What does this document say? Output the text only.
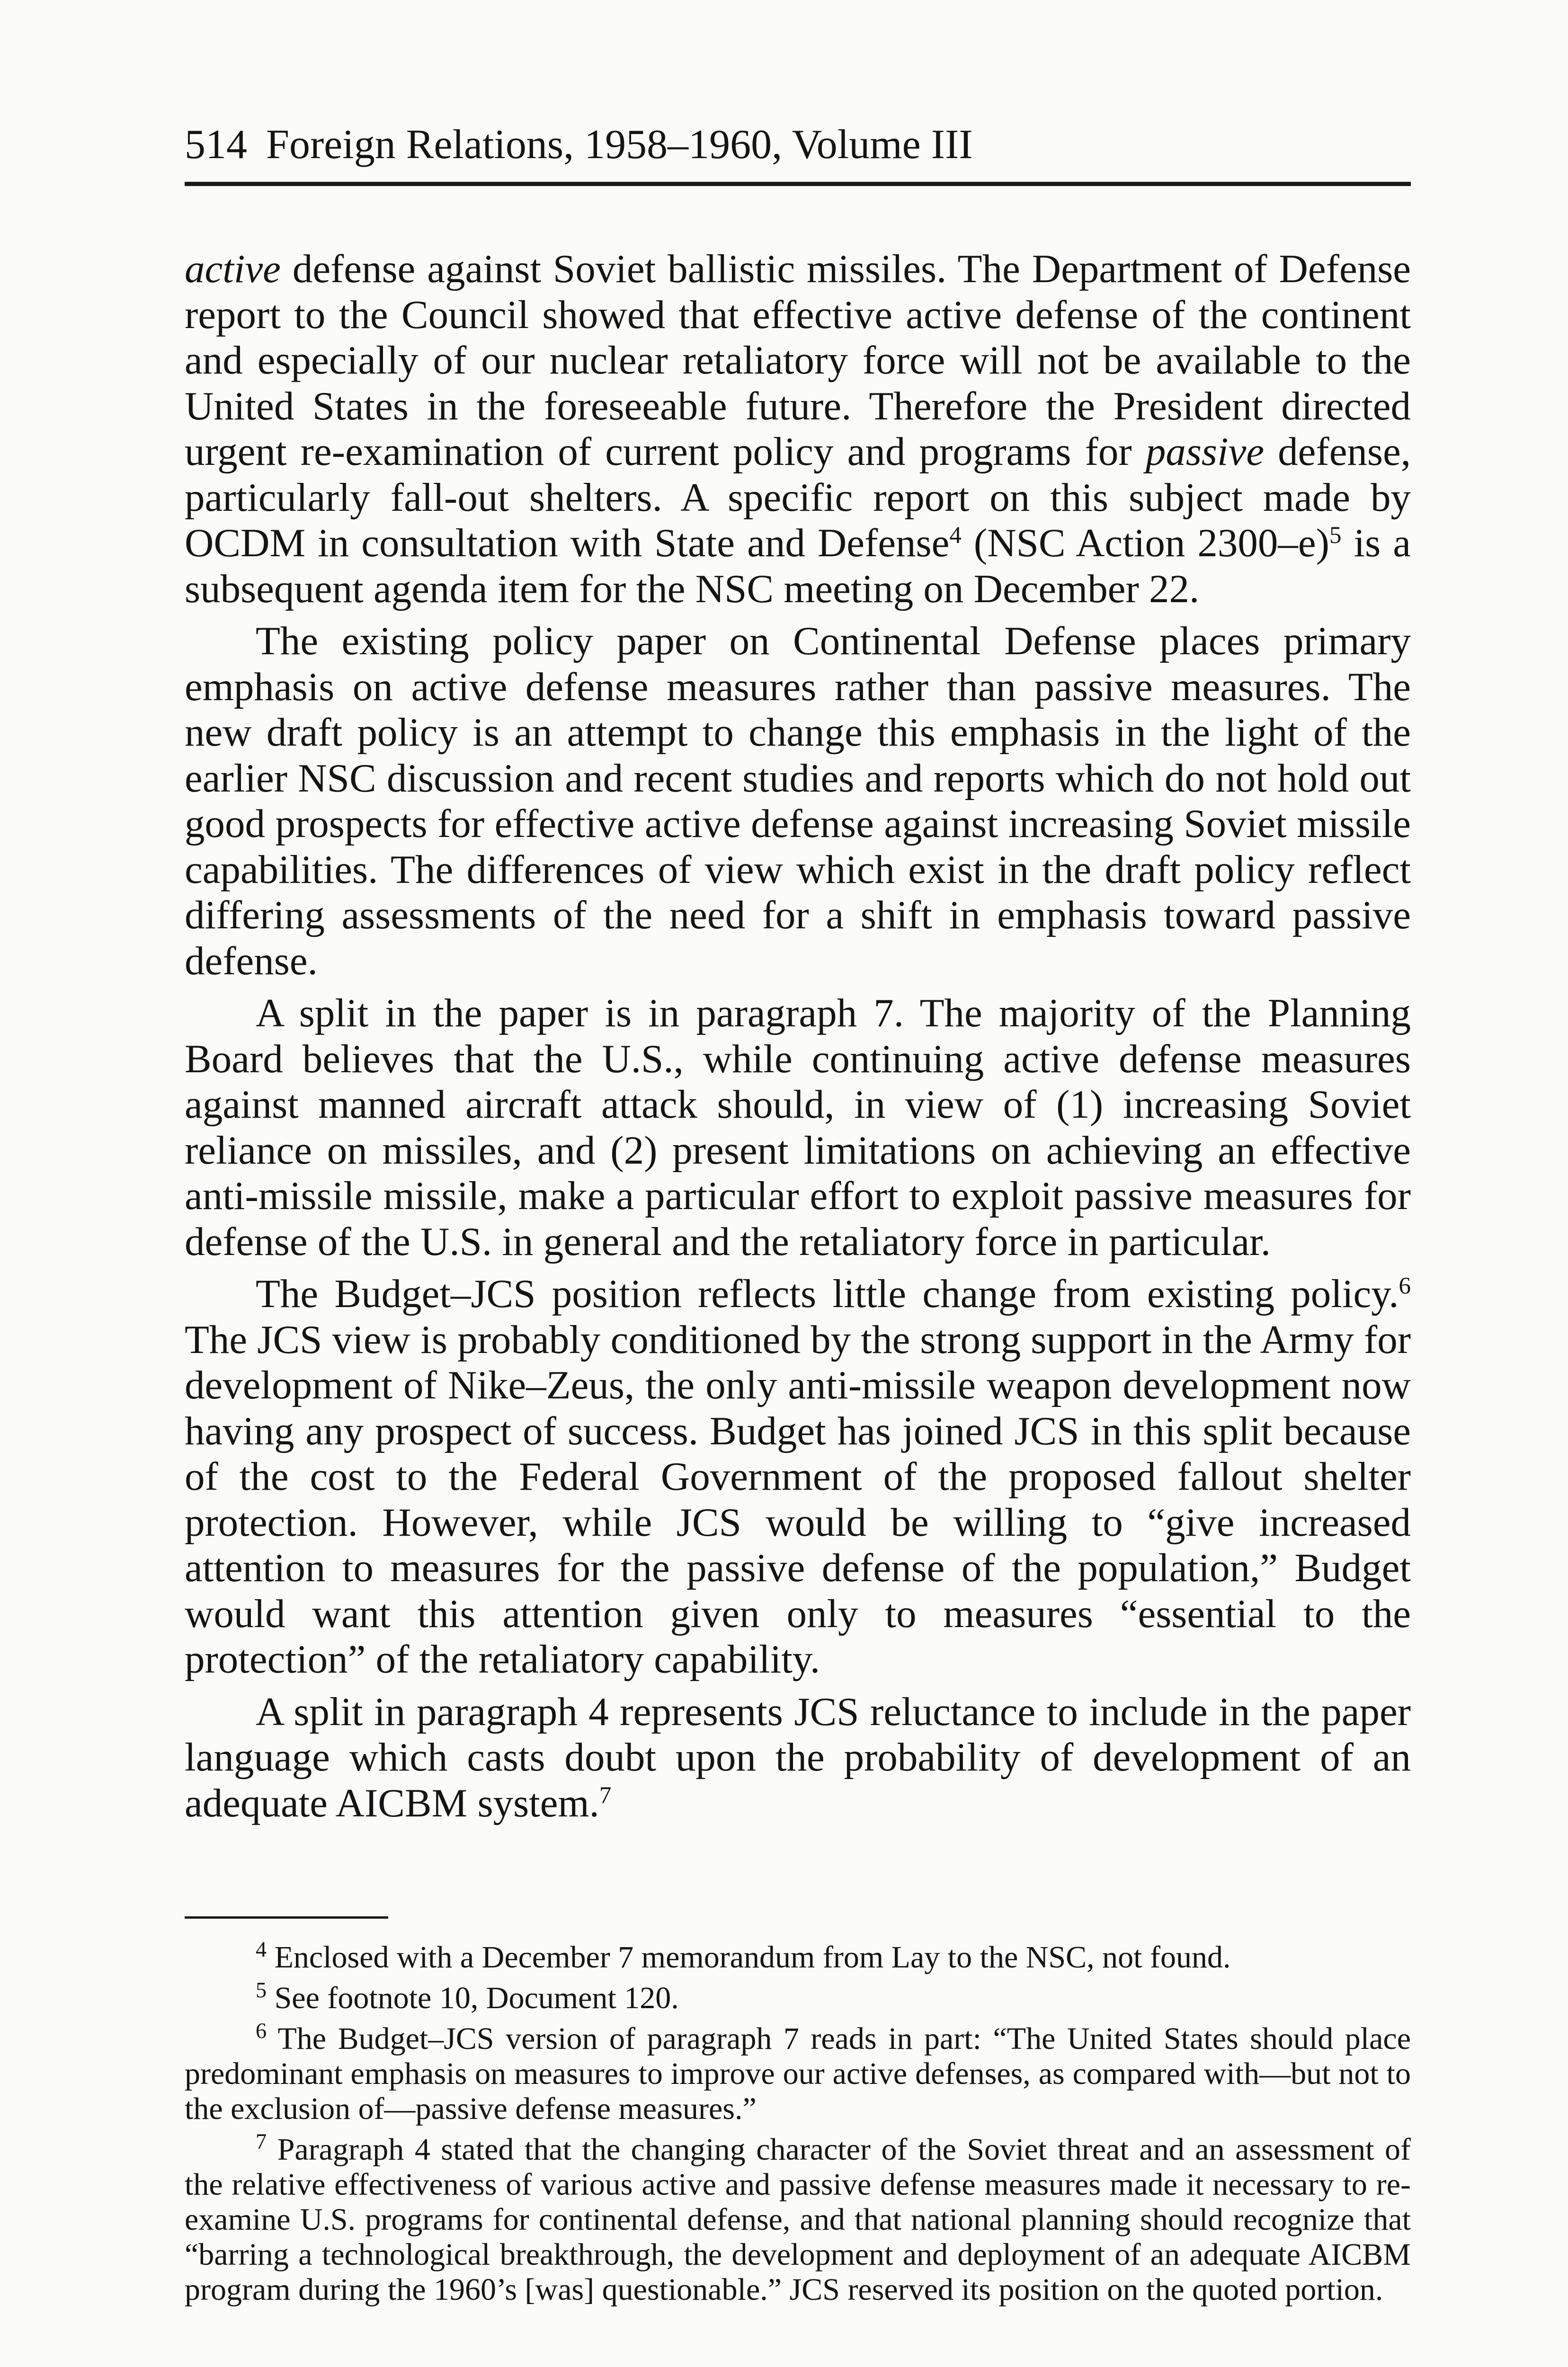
514 Foreign Relations, 1958–1960, Volume III

active defense against Soviet ballistic missiles. The Department of Defense report to the Council showed that effective active defense of the continent and especially of our nuclear retaliatory force will not be available to the United States in the foreseeable future. Therefore the President directed urgent re-examination of current policy and programs for passive defense, particularly fall-out shelters. A specific report on this subject made by OCDM in consultation with State and Defense$^4$ (NSC Action 2300–e)$^5$ is a subsequent agenda item for the NSC meeting on December 22.

The existing policy paper on Continental Defense places primary emphasis on active defense measures rather than passive measures. The new draft policy is an attempt to change this emphasis in the light of the earlier NSC discussion and recent studies and reports which do not hold out good prospects for effective active defense against increasing Soviet missile capabilities. The differences of view which exist in the draft policy reflect differing assessments of the need for a shift in emphasis toward passive defense.

A split in the paper is in paragraph 7. The majority of the Planning Board believes that the U.S., while continuing active defense measures against manned aircraft attack should, in view of (1) increasing Soviet reliance on missiles, and (2) present limitations on achieving an effective anti-missile missile, make a particular effort to exploit passive measures for defense of the U.S. in general and the retaliatory force in particular.

The Budget–JCS position reflects little change from existing policy.$^6$ The JCS view is probably conditioned by the strong support in the Army for development of Nike–Zeus, the only anti-missile weapon development now having any prospect of success. Budget has joined JCS in this split because of the cost to the Federal Government of the proposed fallout shelter protection. However, while JCS would be willing to “give increased attention to measures for the passive defense of the population,” Budget would want this attention given only to measures “essential to the protection” of the retaliatory capability.

A split in paragraph 4 represents JCS reluctance to include in the paper language which casts doubt upon the probability of development of an adequate AICBM system.$^7$

$^4$ Enclosed with a December 7 memorandum from Lay to the NSC, not found.

$^5$ See footnote 10, Document 120.

$^6$ The Budget–JCS version of paragraph 7 reads in part: “The United States should place predominant emphasis on measures to improve our active defenses, as compared with—but not to the exclusion of—passive defense measures.”

$^7$ Paragraph 4 stated that the changing character of the Soviet threat and an assessment of the relative effectiveness of various active and passive defense measures made it necessary to re-examine U.S. programs for continental defense, and that national planning should recognize that “barring a technological breakthrough, the development and deployment of an adequate AICBM program during the 1960’s [was] questionable.” JCS reserved its position on the quoted portion.
